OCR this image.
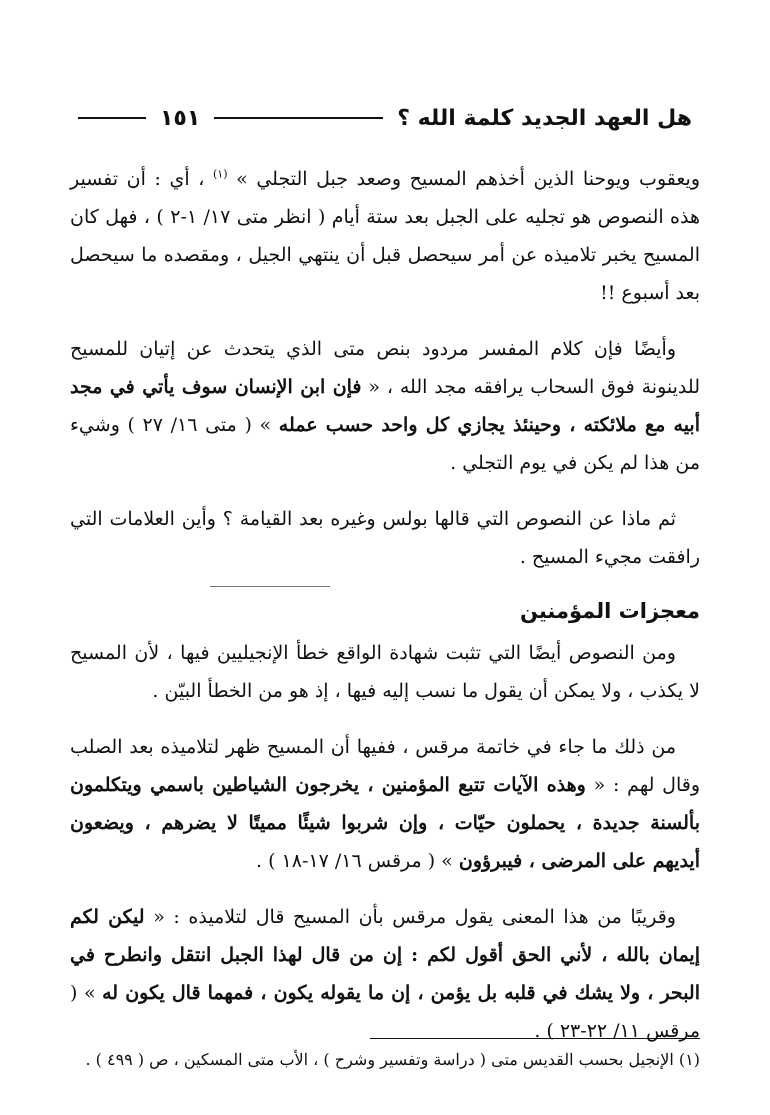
هل العهد الجديد كلمة الله ؟
١٥١

ويعقوب ويوحنا الذين أخذهم المسيح وصعد جبل التجلي » $^{(١)}$ ، أي : أن تفسير هذه النصوص هو تجليه على الجبل بعد ستة أيام ( انظر متى ١٧/ ١-٢ ) ، فهل كان المسيح يخبر تلاميذه عن أمر سيحصل قبل أن ينتهي الجيل ، ومقصده ما سيحصل بعد أسبوع !!

وأيضًا فإن كلام المفسر مردود بنص متى الذي يتحدث عن إتيان للمسيح للدينونة فوق السحاب يرافقه مجد الله ، « فإن ابن الإنسان سوف يأتي في مجد أبيه مع ملائكته ، وحينئذ يجازي كل واحد حسب عمله » ( متى ١٦/ ٢٧ ) وشيء من هذا لم يكن في يوم التجلي .

ثم ماذا عن النصوص التي قالها بولس وغيره بعد القيامة ؟ وأين العلامات التي رافقت مجيء المسيح .

معجزات المؤمنين

ومن النصوص أيضًا التي تثبت شهادة الواقع خطأ الإنجيليين فيها ، لأن المسيح لا يكذب ، ولا يمكن أن يقول ما نسب إليه فيها ، إذ هو من الخطأ البيّن .

من ذلك ما جاء في خاتمة مرقس ، ففيها أن المسيح ظهر لتلاميذه بعد الصلب وقال لهم : « وهذه الآيات تتبع المؤمنين ، يخرجون الشياطين باسمي ويتكلمون بألسنة جديدة ، يحملون حيّات ، وإن شربوا شيئًا مميتًا لا يضرهم ، ويضعون أيديهم على المرضى ، فيبرؤون » ( مرقس ١٦/ ١٧-١٨ ) .

وقريبًا من هذا المعنى يقول مرقس بأن المسيح قال لتلاميذه : « ليكن لكم إيمان بالله ، لأني الحق أقول لكم : إن من قال لهذا الجبل انتقل وانطرح في البحر ، ولا يشك في قلبه بل يؤمن ، إن ما يقوله يكون ، فمهما قال يكون له » ( مرقس ١١/ ٢٢-٢٣ ) .

(١) الإنجيل بحسب القديس متى ( دراسة وتفسير وشرح ) ، الأب متى المسكين ، ص ( ٤٩٩ ) .
